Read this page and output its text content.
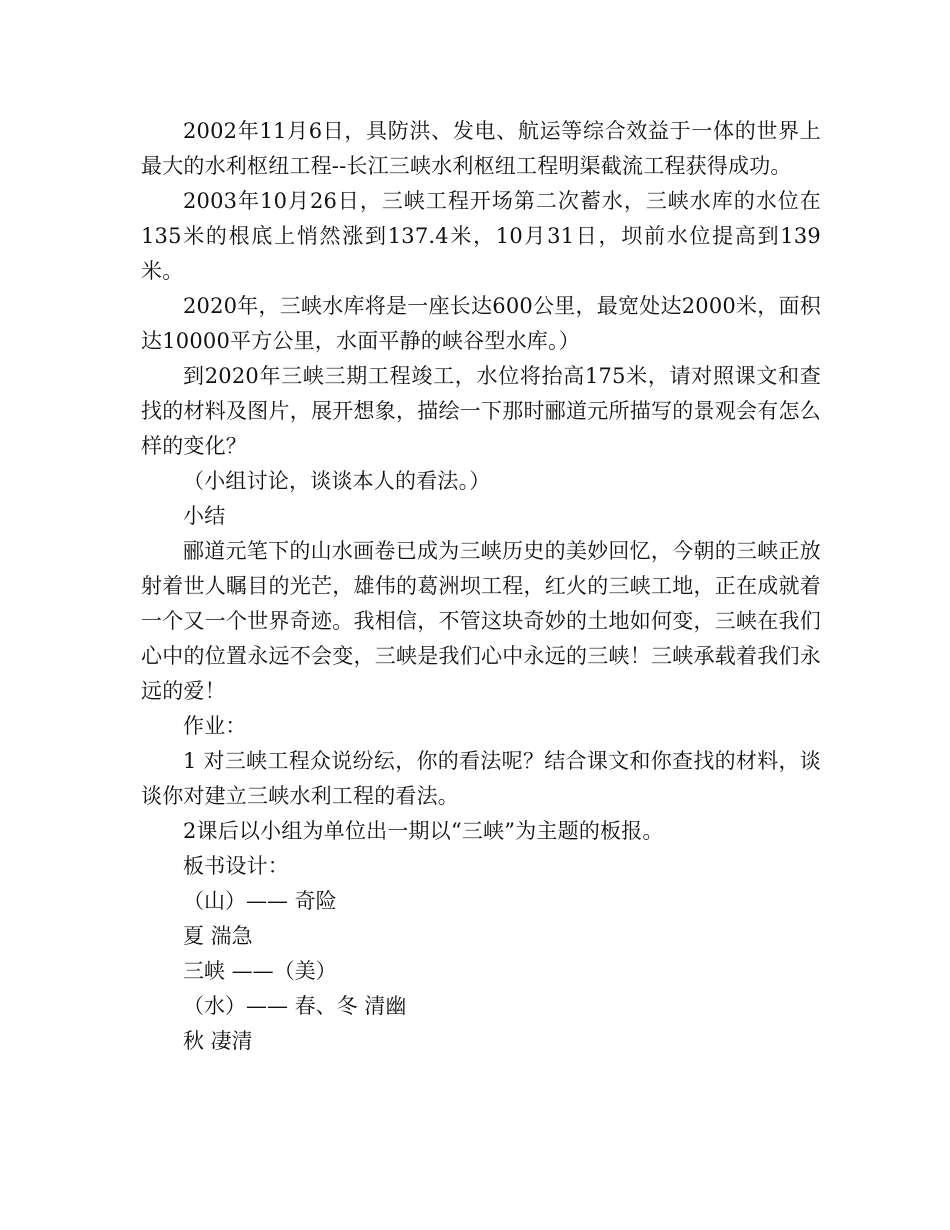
2002年11月6日，具防洪、发电、航运等综合效益于一体的世界上最大的水利枢纽工程--长江三峡水利枢纽工程明渠截流工程获得成功。

2003年10月26日，三峡工程开场第二次蓄水，三峡水库的水位在135米的根底上悄然涨到137.4米，10月31日，坝前水位提高到139米。

2020年，三峡水库将是一座长达600公里，最宽处达2000米，面积达10000平方公里，水面平静的峡谷型水库。）

到2020年三峡三期工程竣工，水位将抬高175米，请对照课文和查找的材料及图片，展开想象，描绘一下那时郦道元所描写的景观会有怎么样的变化？

（小组讨论，谈谈本人的看法。）

小结

郦道元笔下的山水画卷已成为三峡历史的美妙回忆，今朝的三峡正放射着世人瞩目的光芒，雄伟的葛洲坝工程，红火的三峡工地，正在成就着一个又一个世界奇迹。我相信，不管这块奇妙的土地如何变，三峡在我们心中的位置永远不会变，三峡是我们心中永远的三峡！三峡承载着我们永远的爱！

作业：

1 对三峡工程众说纷纭，你的看法呢？结合课文和你查找的材料，谈谈你对建立三峡水利工程的看法。

2课后以小组为单位出一期以“三峡”为主题的板报。

板书设计：

（山）—— 奇险

夏 湍急

三峡 ——（美）

（水）—— 春、冬 清幽

秋 凄清
